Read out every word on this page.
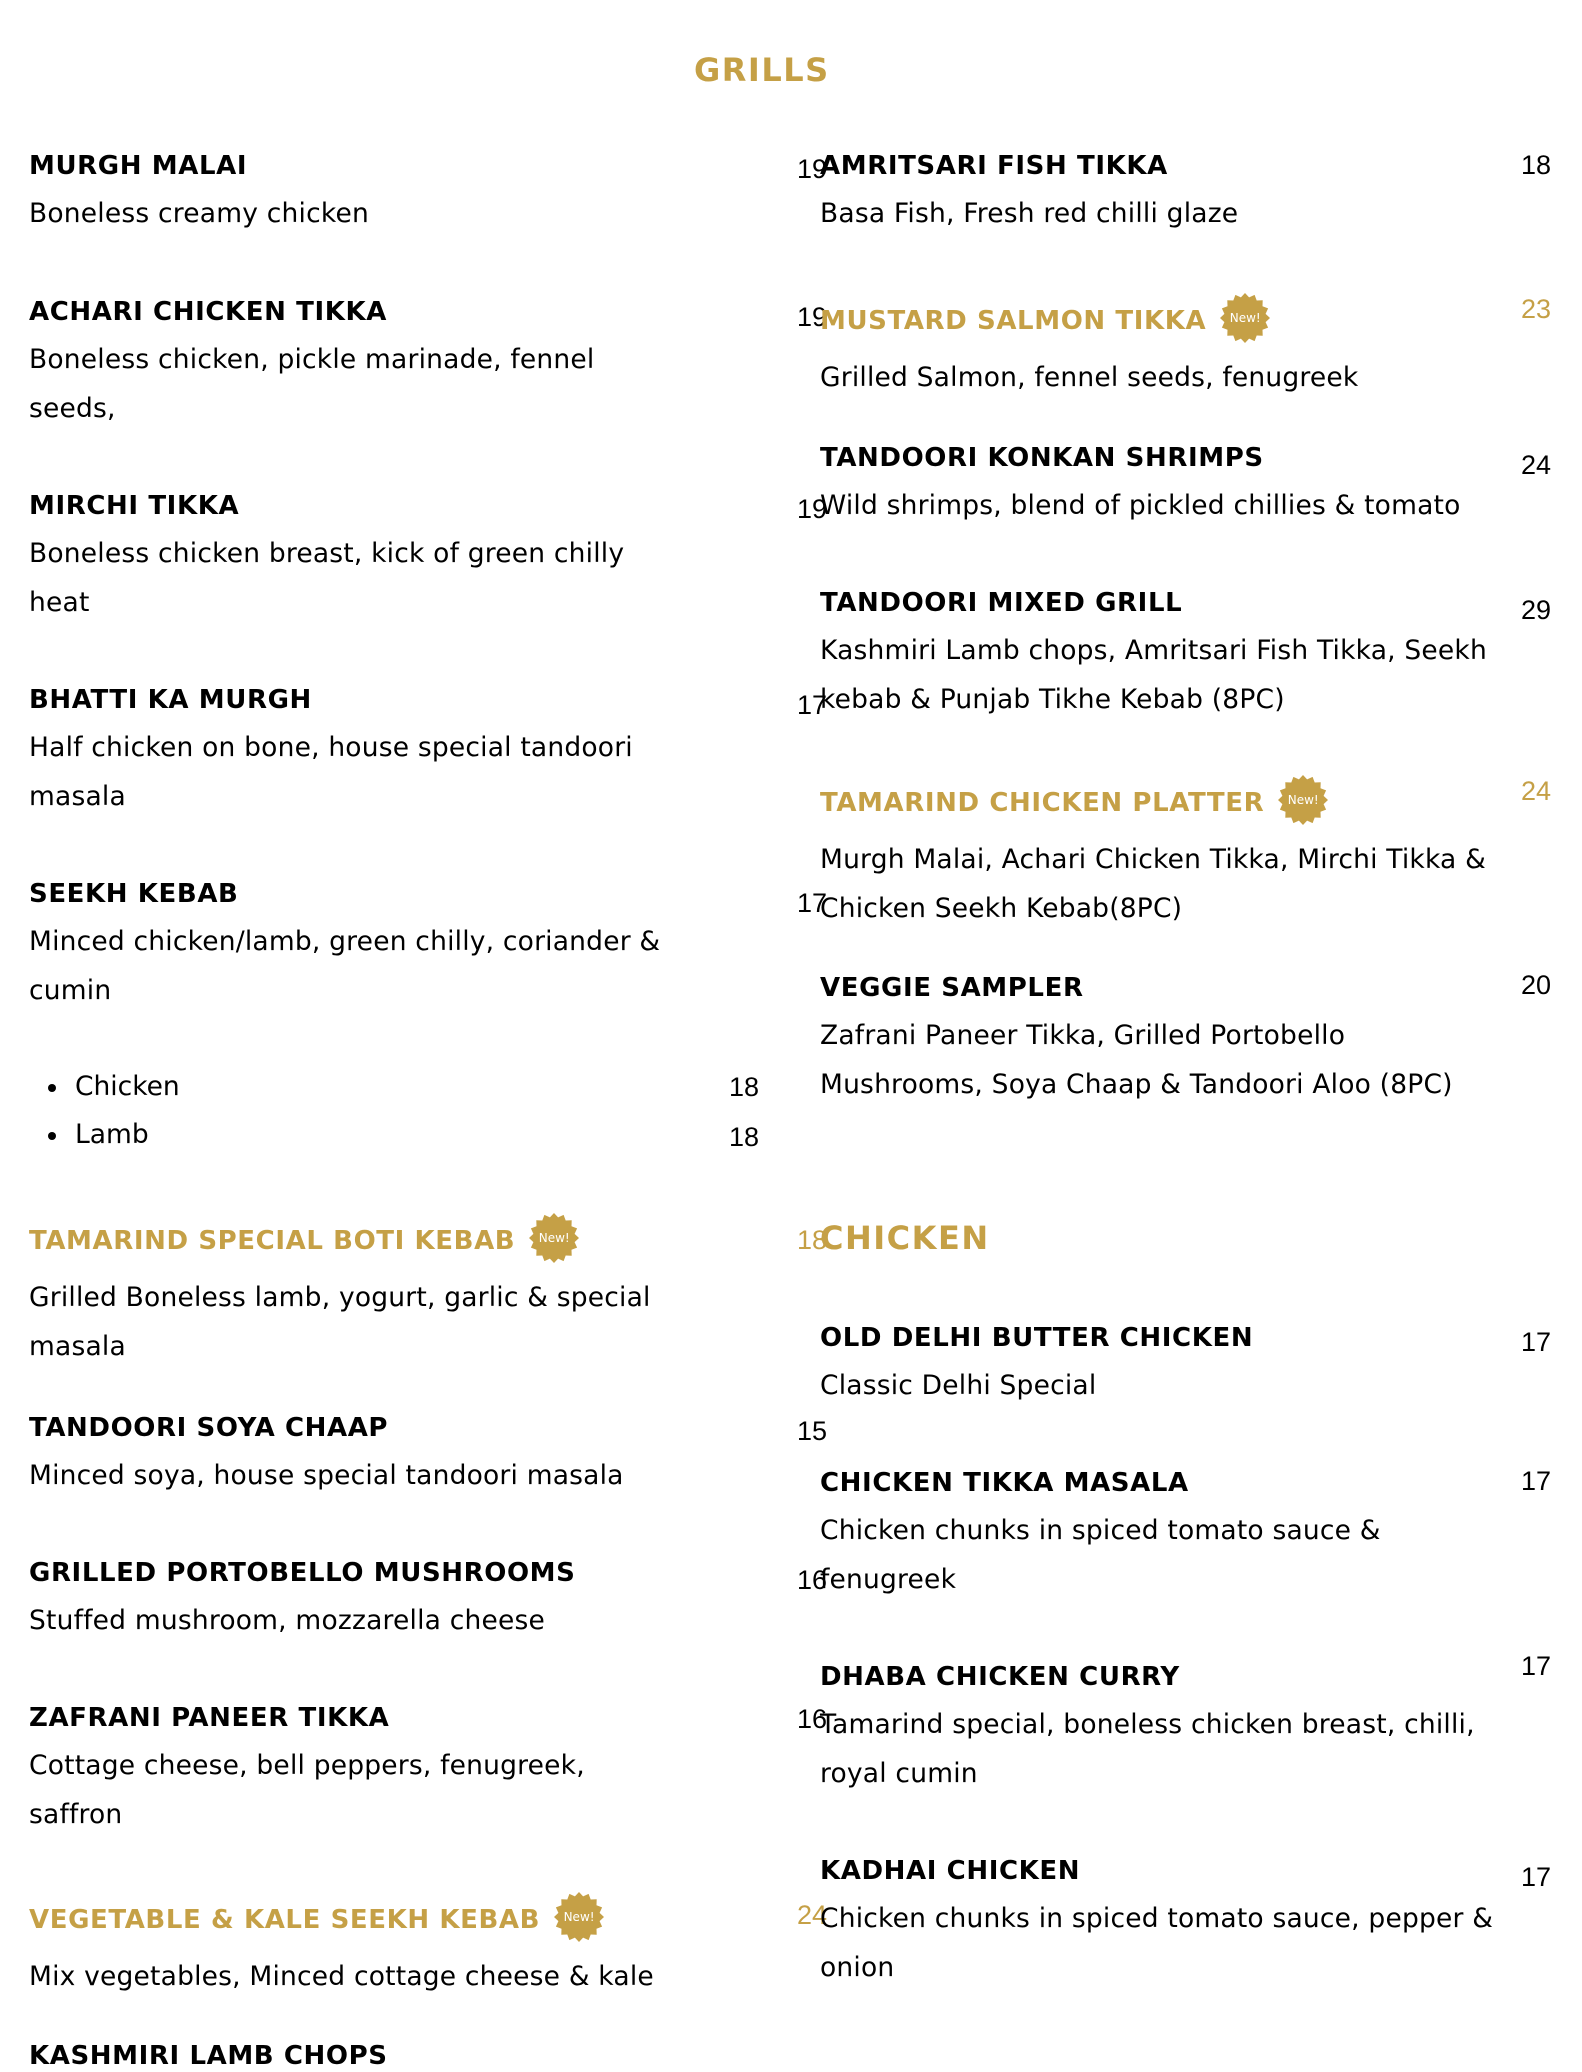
GRILLS
CHICKEN
MURGH MALAI
Boneless creamy chicken
19
ACHARI CHICKEN TIKKA
Boneless chicken, pickle marinade, fennel seeds,
19
MIRCHI TIKKA
Boneless chicken breast, kick of green chilly heat
19
BHATTI KA MURGH
Half chicken on bone, house special tandoori masala
17
SEEKH KEBAB
Minced chicken/lamb, green chilly, coriander & cumin
17
TAMARIND SPECIAL BOTI KEBAB New!
Grilled Boneless lamb, yogurt, garlic & special masala
18
TANDOORI SOYA CHAAP
Minced soya, house special tandoori masala
15
GRILLED PORTOBELLO MUSHROOMS
Stuffed mushroom, mozzarella cheese
16
ZAFRANI PANEER TIKKA
Cottage cheese, bell peppers, fenugreek, saffron
16
VEGETABLE & KALE SEEKH KEBAB New!
Mix vegetables, Minced cottage cheese & kale
24
AMRITSARI FISH TIKKA
Basa Fish, Fresh red chilli glaze
18
MUSTARD SALMON TIKKA New!
Grilled Salmon, fennel seeds, fenugreek
23
TANDOORI KONKAN SHRIMPS
Wild shrimps, blend of pickled chillies & tomato
24
TANDOORI MIXED GRILL
Kashmiri Lamb chops, Amritsari Fish Tikka, Seekh kebab & Punjab Tikhe Kebab (8PC)
29
TAMARIND CHICKEN PLATTER New!
Murgh Malai, Achari Chicken Tikka, Mirchi Tikka & Chicken Seekh Kebab(8PC)
24
VEGGIE SAMPLER
Zafrani Paneer Tikka, Grilled Portobello Mushrooms, Soya Chaap & Tandoori Aloo (8PC)
20
OLD DELHI BUTTER CHICKEN
Classic Delhi Special
17
CHICKEN TIKKA MASALA
Chicken chunks in spiced tomato sauce & fenugreek
17
DHABA CHICKEN CURRY
Tamarind special, boneless chicken breast, chilli, royal cumin
17
KADHAI CHICKEN
Chicken chunks in spiced tomato sauce, pepper & onion
17
Chicken	18
Lamb	18
KASHMIRI LAMB CHOPS
